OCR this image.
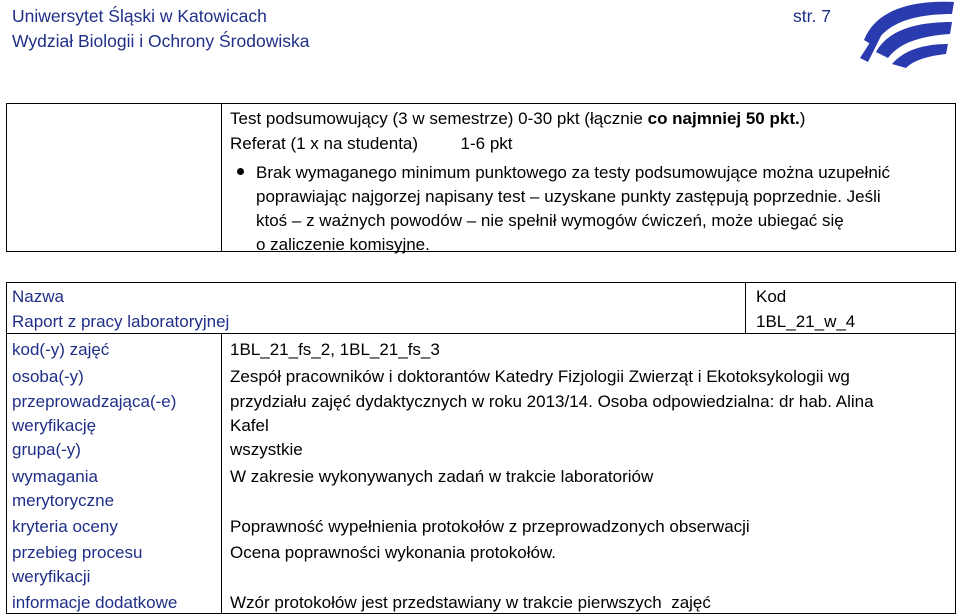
Uniwersytet Śląski w Katowicach
Wydział Biologii i Ochrony Środowiska
str. 7
Test podsumowujący (3 w semestrze) 0-30 pkt (łącznie co najmniej 50 pkt.)
Referat (1 x na studenta)         1-6 pkt
Brak wymaganego minimum punktowego za testy podsumowujące można uzupełnić
poprawiając najgorzej napisany test – uzyskane punkty zastępują poprzednie. Jeśli
ktoś – z ważnych powodów – nie spełnił wymogów ćwiczeń, może ubiegać się
o zaliczenie komisyjne.
Nazwa
Raport z pracy laboratoryjnej
Kod
1BL_21_w_4
kod(-y) zajęć
osoba(-y)
przeprowadzająca(-e)
weryfikację
grupa(-y)
wymagania
merytoryczne
kryteria oceny
przebieg procesu
weryfikacji
informacje dodatkowe
1BL_21_fs_2, 1BL_21_fs_3
Zespół pracowników i doktorantów Katedry Fizjologii Zwierząt i Ekotoksykologii wg
przydziału zajęć dydaktycznych w roku 2013/14. Osoba odpowiedzialna: dr hab. Alina
Kafel
wszystkie
W zakresie wykonywanych zadań w trakcie laboratoriów
Poprawność wypełnienia protokołów z przeprowadzonych obserwacji
Ocena poprawności wykonania protokołów.
Wzór protokołów jest przedstawiany w trakcie pierwszych  zajęć
